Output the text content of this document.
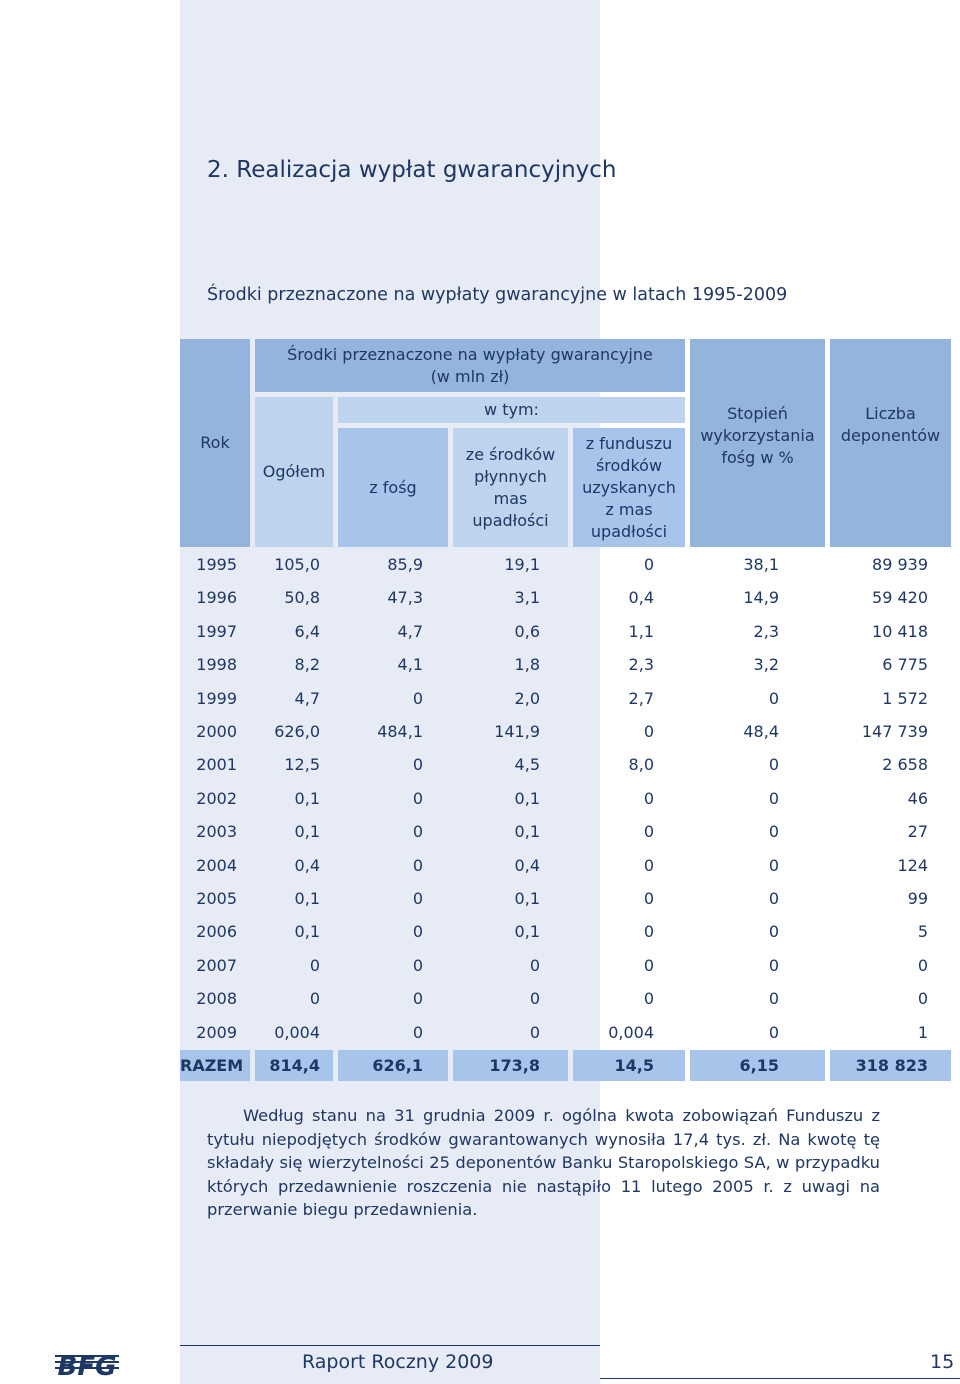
2. Realizacja wypłat gwarancyjnych
Środki przeznaczone na wypłaty gwarancyjne w latach 1995-2009
Rok
Środki przeznaczone na wypłaty gwarancyjne
(w mln zł)
Ogółem
w tym:
z fośg
ze środków płynnych mas upadłości
z funduszu środków uzyskanych z mas upadłości
Stopień wykorzystania fośg w %
Liczba deponentów
1995	105,0	85,9	19,1	0	38,1	89 939
1996	50,8	47,3	3,1	0,4	14,9	59 420
1997	6,4	4,7	0,6	1,1	2,3	10 418
1998	8,2	4,1	1,8	2,3	3,2	6 775
1999	4,7	0	2,0	2,7	0	1 572
2000	626,0	484,1	141,9	0	48,4	147 739
2001	12,5	0	4,5	8,0	0	2 658
2002	0,1	0	0,1	0	0	46
2003	0,1	0	0,1	0	0	27
2004	0,4	0	0,4	0	0	124
2005	0,1	0	0,1	0	0	99
2006	0,1	0	0,1	0	0	5
2007	0	0	0	0	0	0
2008	0	0	0	0	0	0
2009	0,004	0	0	0,004	0	1
RAZEM	814,4	626,1	173,8	14,5	6,15	318 823

Według stanu na 31 grudnia 2009 r. ogólna kwota zobowiązań Funduszu z tytułu niepodjętych środków gwarantowanych wynosiła 17,4 tys. zł. Na kwotę tę składały się wierzytelności 25 deponentów Banku Staropolskiego SA, w przypadku których przedawnienie roszczenia nie nastąpiło 11 lutego 2005 r. z uwagi na przerwanie biegu przedawnienia.

BFG	Raport Roczny 2009	15
